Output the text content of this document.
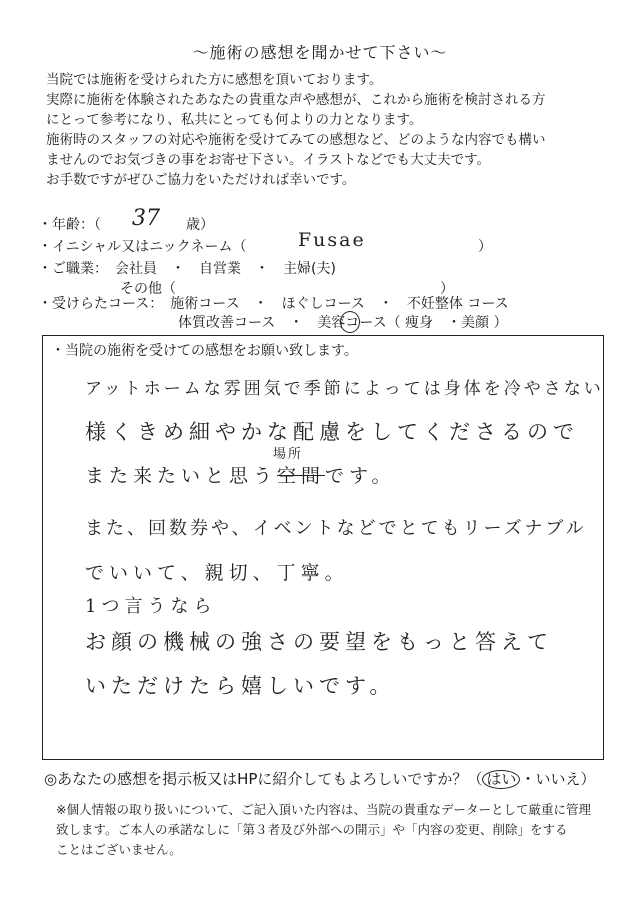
〜施術の感想を聞かせて下さい〜
当院では施術を受けられた方に感想を頂いております。
実際に施術を体験されたあなたの貴重な声や感想が、これから施術を検討される方
にとって参考になり、私共にとっても何よりの力となります。
施術時のスタッフの対応や施術を受けてみての感想など、どのような内容でも構い
ませんのでお気づきの事をお寄せ下さい。イラストなどでも大丈夫です。
お手数ですがぜひご協力をいただければ幸いです。
・年齢：（ 37 歳）
・イニシャル又はニックネーム（	Fusae	）
・ご職業：　会社員　・　自営業　・　主婦(夫)
その他（	）
・受けらたコース：　施術コース　・　ほぐしコース　・　不妊整体 コース
体質改善コース　・　美容コース（ 痩身　・美顔 ）
・当院の施術を受けての感想をお願い致します。
アットホームな雰囲気で季節によっては身体を冷やさない
様くきめ細やかな配慮をしてくださるので
場所
また来たいと思う空間です。
また、回数券や、イベントなどでとてもリーズナブル
でいいて、親切、丁寧。
1つ言うなら
お顔の機械の強さの要望をもっと答えて
いただけたら嬉しいです。
◎あなたの感想を掲示板又はHPに紹介してもよろしいですか？（ はい ・いいえ）
※個人情報の取り扱いについて、ご記入頂いた内容は、当院の貴重なデーターとして厳重に管理
致します。ご本人の承諾なしに「第３者及び外部への開示」や「内容の変更、削除」をする
ことはございません。
